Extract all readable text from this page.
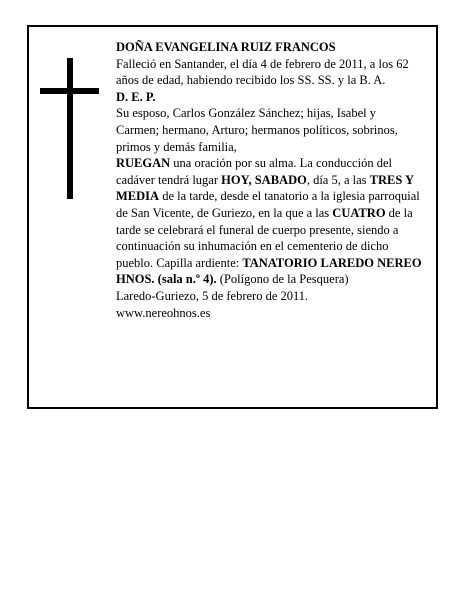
DOÑA EVANGELINA RUIZ FRANCOS

Falleció en Santander, el día 4 de febrero de 2011, a los 62 años de edad, habiendo recibido los SS. SS. y la B. A.

D. E. P.

Su esposo, Carlos González Sánchez; hijas, Isabel y Carmen; hermano, Arturo; hermanos políticos, sobrinos, primos y demás familia,

RUEGAN una oración por su alma. La conducción del cadáver tendrá lugar HOY, SABADO, día 5, a las TRES Y MEDIA de la tarde, desde el tanatorio a la iglesia parroquial de San Vicente, de Guriezo, en la que a las CUATRO de la tarde se celebrará el funeral de cuerpo presente, siendo a continuación su inhumación en el cementerio de dicho pueblo. Capilla ardiente: TANATORIO LAREDO NEREO HNOS. (sala n.º 4). (Polígono de la Pesquera)

Laredo-Guriezo, 5 de febrero de 2011.

www.nereohnos.es
